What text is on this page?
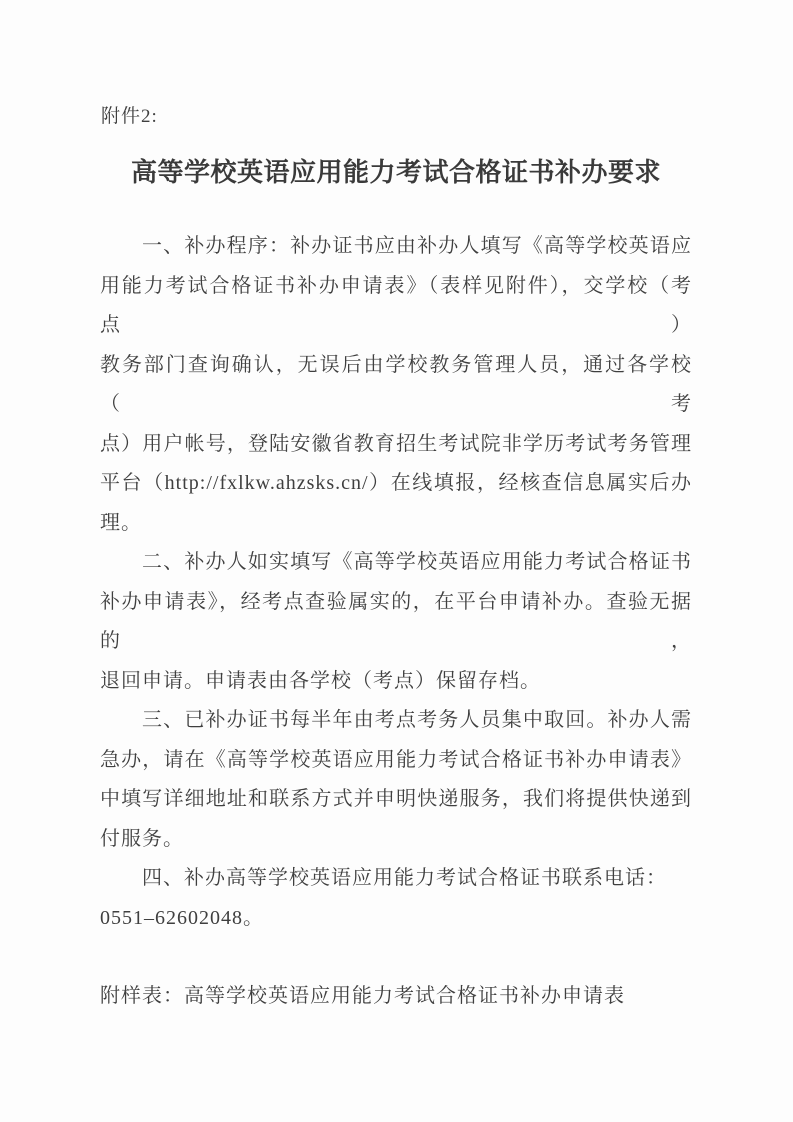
附件2:
高等学校英语应用能力考试合格证书补办要求
一、补办程序：补办证书应由补办人填写《高等学校英语应
用能力考试合格证书补办申请表》（表样见附件），交学校（考点）
教务部门查询确认，无误后由学校教务管理人员，通过各学校（考
点）用户帐号，登陆安徽省教育招生考试院非学历考试考务管理
平台（http://fxlkw.ahzsks.cn/）在线填报，经核查信息属实后办
理。
二、补办人如实填写《高等学校英语应用能力考试合格证书
补办申请表》，经考点查验属实的，在平台申请补办。查验无据的，
退回申请。申请表由各学校（考点）保留存档。
三、已补办证书每半年由考点考务人员集中取回。补办人需
急办，请在《高等学校英语应用能力考试合格证书补办申请表》
中填写详细地址和联系方式并申明快递服务，我们将提供快递到
付服务。
四、补办高等学校英语应用能力考试合格证书联系电话：
0551–62602048。
附样表：高等学校英语应用能力考试合格证书补办申请表
